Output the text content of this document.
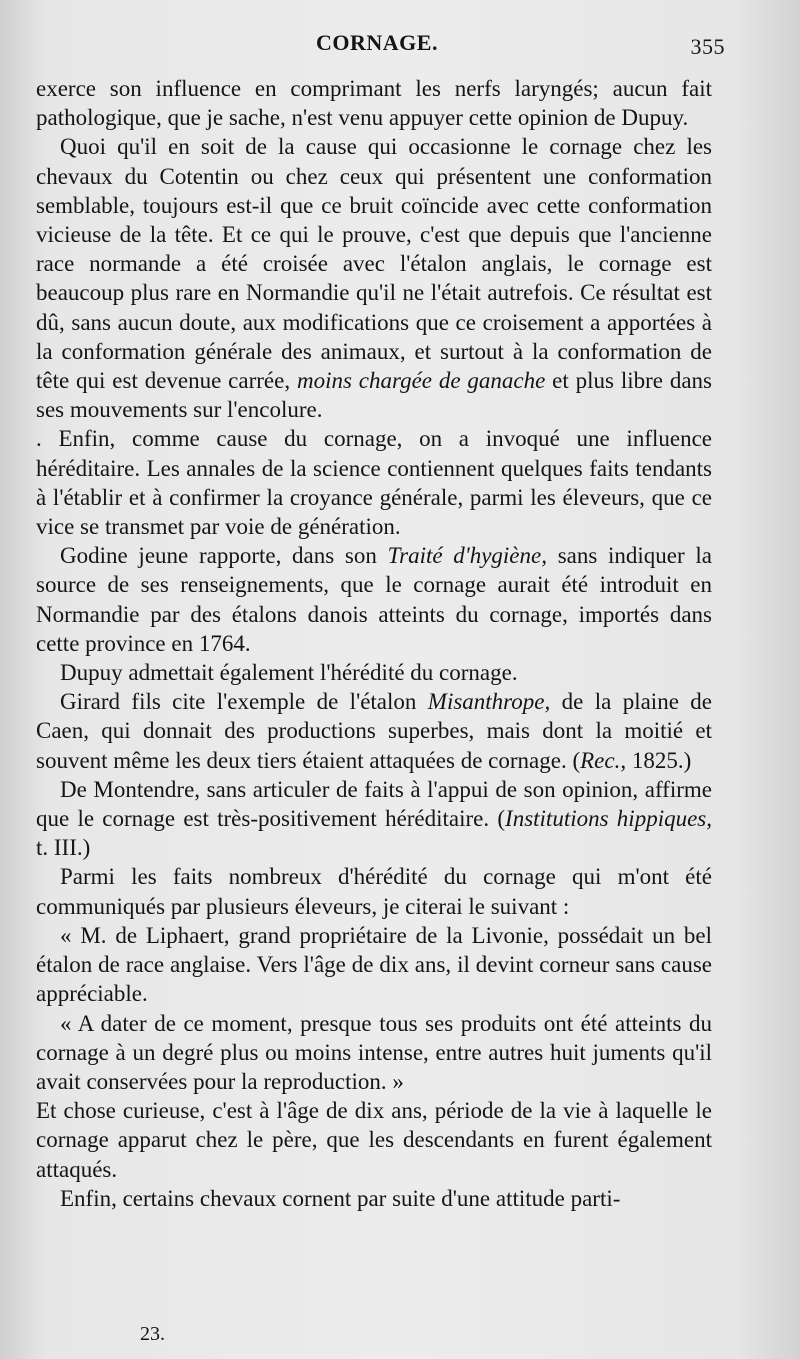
CORNAGE.	355

exerce son influence en comprimant les nerfs laryngés; aucun fait pathologique, que je sache, n'est venu appuyer cette opinion de Dupuy.

Quoi qu'il en soit de la cause qui occasionne le cornage chez les chevaux du Cotentin ou chez ceux qui présentent une conformation semblable, toujours est-il que ce bruit coïncide avec cette conformation vicieuse de la tête. Et ce qui le prouve, c'est que depuis que l'ancienne race normande a été croisée avec l'étalon anglais, le cornage est beaucoup plus rare en Normandie qu'il ne l'était autrefois. Ce résultat est dû, sans aucun doute, aux modifications que ce croisement a apportées à la conformation générale des animaux, et surtout à la conformation de tête qui est devenue carrée, moins chargée de ganache et plus libre dans ses mouvements sur l'encolure.

. Enfin, comme cause du cornage, on a invoqué une influence héréditaire. Les annales de la science contiennent quelques faits tendants à l'établir et à confirmer la croyance générale, parmi les éleveurs, que ce vice se transmet par voie de génération.

Godine jeune rapporte, dans son Traité d'hygiène, sans indiquer la source de ses renseignements, que le cornage aurait été introduit en Normandie par des étalons danois atteints du cornage, importés dans cette province en 1764.

Dupuy admettait également l'hérédité du cornage.

Girard fils cite l'exemple de l'étalon Misanthrope, de la plaine de Caen, qui donnait des productions superbes, mais dont la moitié et souvent même les deux tiers étaient attaquées de cornage. (Rec., 1825.)

De Montendre, sans articuler de faits à l'appui de son opinion, affirme que le cornage est très-positivement héréditaire. (Institutions hippiques, t. III.)

Parmi les faits nombreux d'hérédité du cornage qui m'ont été communiqués par plusieurs éleveurs, je citerai le suivant :

« M. de Liphaert, grand propriétaire de la Livonie, possédait un bel étalon de race anglaise. Vers l'âge de dix ans, il devint corneur sans cause appréciable.

« A dater de ce moment, presque tous ses produits ont été atteints du cornage à un degré plus ou moins intense, entre autres huit juments qu'il avait conservées pour la reproduction. »

Et chose curieuse, c'est à l'âge de dix ans, période de la vie à laquelle le cornage apparut chez le père, que les descendants en furent également attaqués.

Enfin, certains chevaux cornent par suite d'une attitude parti-

23.
